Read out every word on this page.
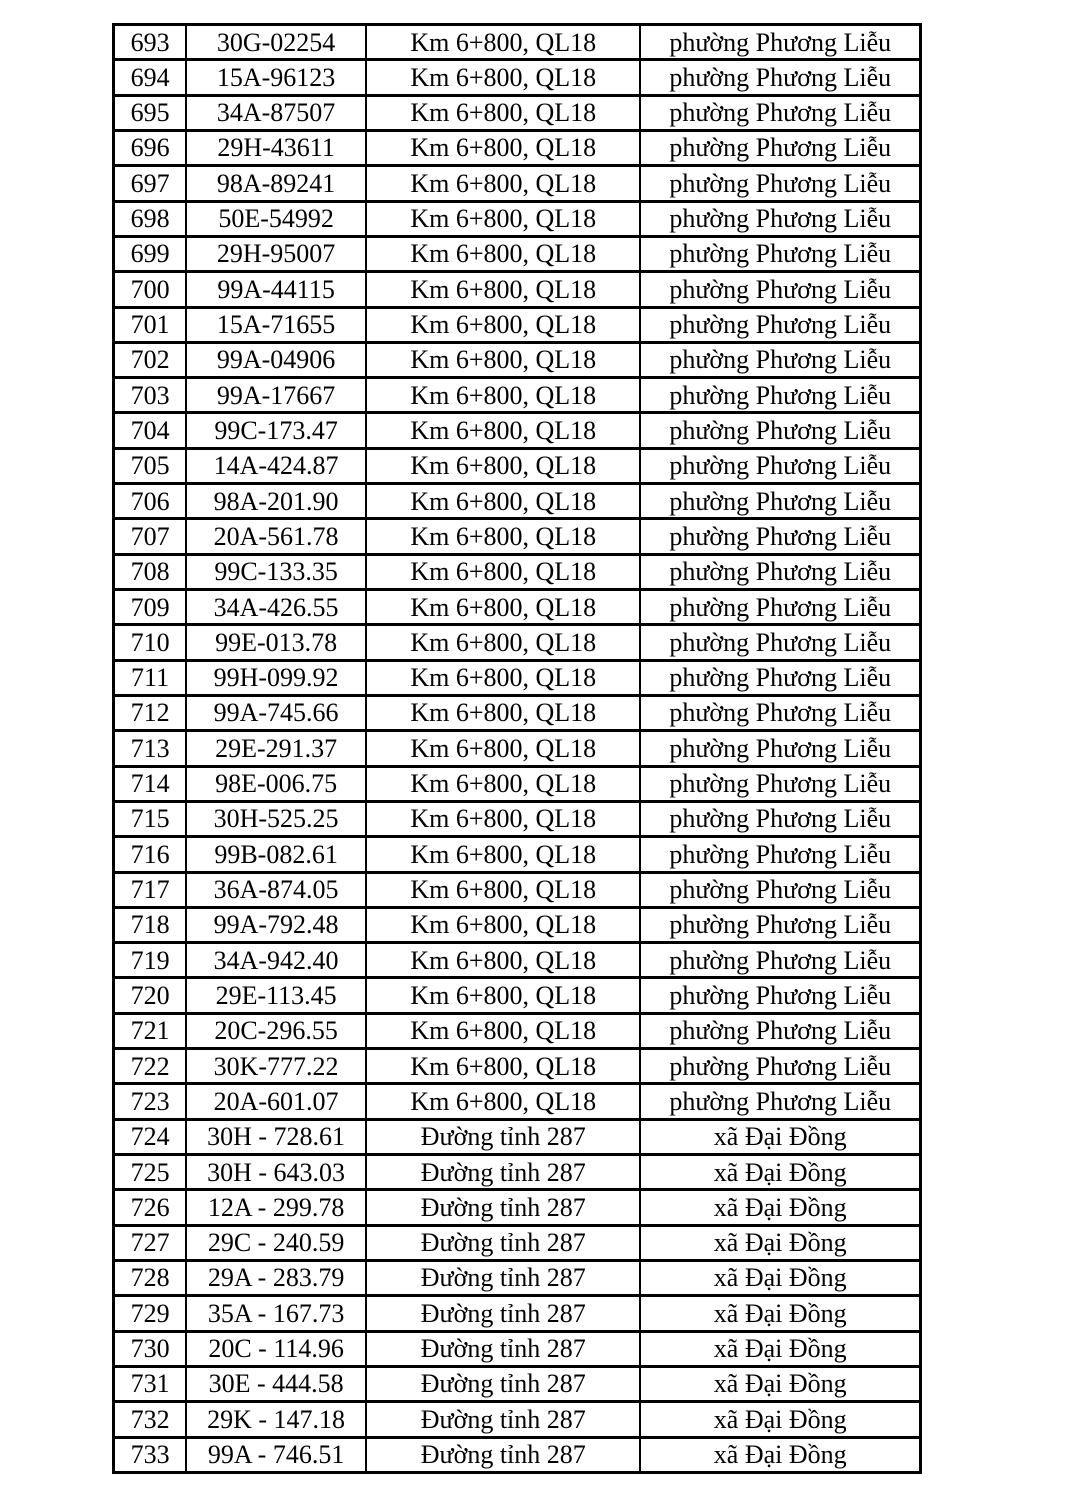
693	30G-02254	Km 6+800, QL18	phường Phương Liễu
694	15A-96123	Km 6+800, QL18	phường Phương Liễu
695	34A-87507	Km 6+800, QL18	phường Phương Liễu
696	29H-43611	Km 6+800, QL18	phường Phương Liễu
697	98A-89241	Km 6+800, QL18	phường Phương Liễu
698	50E-54992	Km 6+800, QL18	phường Phương Liễu
699	29H-95007	Km 6+800, QL18	phường Phương Liễu
700	99A-44115	Km 6+800, QL18	phường Phương Liễu
701	15A-71655	Km 6+800, QL18	phường Phương Liễu
702	99A-04906	Km 6+800, QL18	phường Phương Liễu
703	99A-17667	Km 6+800, QL18	phường Phương Liễu
704	99C-173.47	Km 6+800, QL18	phường Phương Liễu
705	14A-424.87	Km 6+800, QL18	phường Phương Liễu
706	98A-201.90	Km 6+800, QL18	phường Phương Liễu
707	20A-561.78	Km 6+800, QL18	phường Phương Liễu
708	99C-133.35	Km 6+800, QL18	phường Phương Liễu
709	34A-426.55	Km 6+800, QL18	phường Phương Liễu
710	99E-013.78	Km 6+800, QL18	phường Phương Liễu
711	99H-099.92	Km 6+800, QL18	phường Phương Liễu
712	99A-745.66	Km 6+800, QL18	phường Phương Liễu
713	29E-291.37	Km 6+800, QL18	phường Phương Liễu
714	98E-006.75	Km 6+800, QL18	phường Phương Liễu
715	30H-525.25	Km 6+800, QL18	phường Phương Liễu
716	99B-082.61	Km 6+800, QL18	phường Phương Liễu
717	36A-874.05	Km 6+800, QL18	phường Phương Liễu
718	99A-792.48	Km 6+800, QL18	phường Phương Liễu
719	34A-942.40	Km 6+800, QL18	phường Phương Liễu
720	29E-113.45	Km 6+800, QL18	phường Phương Liễu
721	20C-296.55	Km 6+800, QL18	phường Phương Liễu
722	30K-777.22	Km 6+800, QL18	phường Phương Liễu
723	20A-601.07	Km 6+800, QL18	phường Phương Liễu
724	30H - 728.61	Đường tỉnh 287	xã Đại Đồng
725	30H - 643.03	Đường tỉnh 287	xã Đại Đồng
726	12A - 299.78	Đường tỉnh 287	xã Đại Đồng
727	29C - 240.59	Đường tỉnh 287	xã Đại Đồng
728	29A - 283.79	Đường tỉnh 287	xã Đại Đồng
729	35A - 167.73	Đường tỉnh 287	xã Đại Đồng
730	20C - 114.96	Đường tỉnh 287	xã Đại Đồng
731	30E - 444.58	Đường tỉnh 287	xã Đại Đồng
732	29K - 147.18	Đường tỉnh 287	xã Đại Đồng
733	99A - 746.51	Đường tỉnh 287	xã Đại Đồng
